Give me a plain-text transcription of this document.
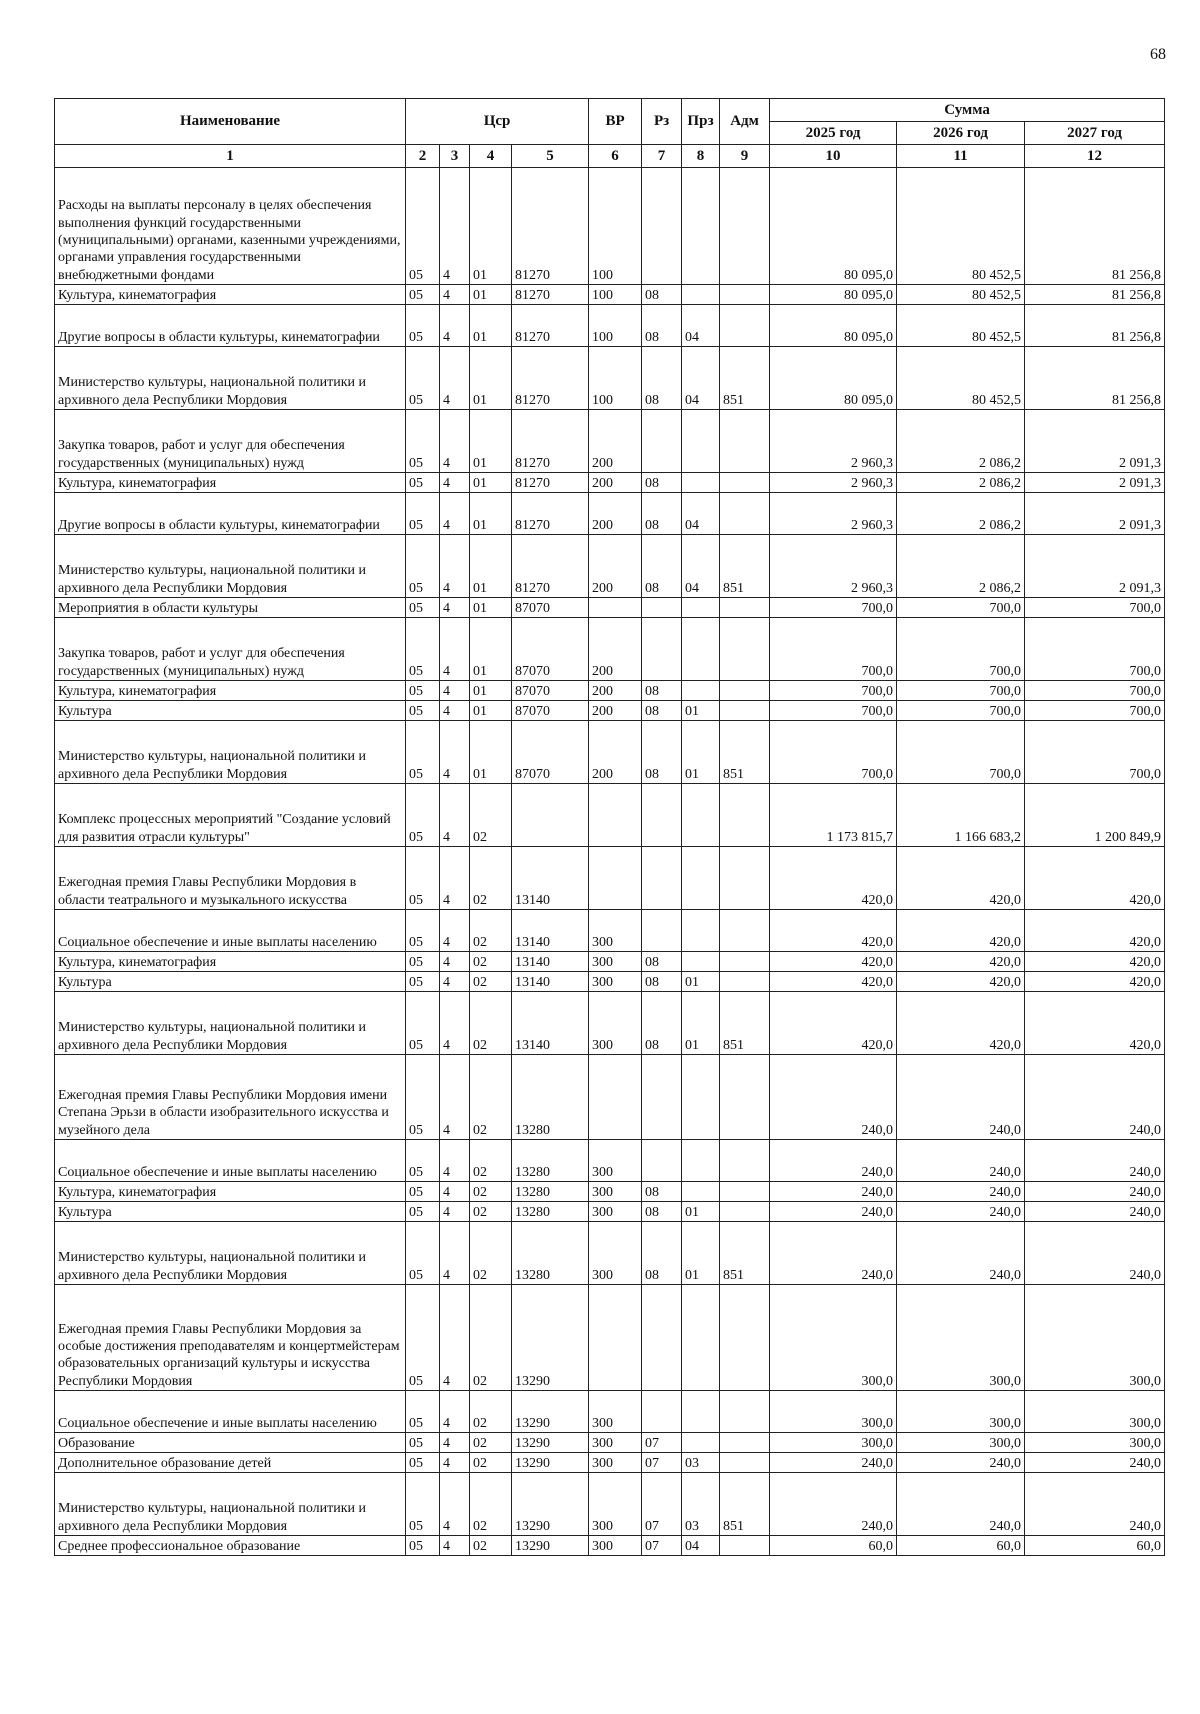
68
Наименование	Цср				ВР	Рз	Прз	Адм	Сумма		
									2025 год	2026 год	2027 год
1	2	3	4	5	6	7	8	9	10	11	12
Расходы на выплаты персоналу в целях обеспечения выполнения функций государственными (муниципальными) органами, казенными учреждениями, органами управления государственными внебюджетными фондами	05	4	01	81270	100				80 095,0	80 452,5	81 256,8
Культура, кинематография	05	4	01	81270	100	08			80 095,0	80 452,5	81 256,8
Другие вопросы в области культуры, кинематографии	05	4	01	81270	100	08	04		80 095,0	80 452,5	81 256,8
Министерство культуры, национальной политики и архивного дела Республики Мордовия	05	4	01	81270	100	08	04	851	80 095,0	80 452,5	81 256,8
Закупка товаров, работ и услуг для обеспечения государственных (муниципальных) нужд	05	4	01	81270	200				2 960,3	2 086,2	2 091,3
Культура, кинематография	05	4	01	81270	200	08			2 960,3	2 086,2	2 091,3
Другие вопросы в области культуры, кинематографии	05	4	01	81270	200	08	04		2 960,3	2 086,2	2 091,3
Министерство культуры, национальной политики и архивного дела Республики Мордовия	05	4	01	81270	200	08	04	851	2 960,3	2 086,2	2 091,3
Мероприятия в области культуры	05	4	01	87070					700,0	700,0	700,0
Закупка товаров, работ и услуг для обеспечения государственных (муниципальных) нужд	05	4	01	87070	200				700,0	700,0	700,0
Культура, кинематография	05	4	01	87070	200	08			700,0	700,0	700,0
Культура	05	4	01	87070	200	08	01		700,0	700,0	700,0
Министерство культуры, национальной политики и архивного дела Республики Мордовия	05	4	01	87070	200	08	01	851	700,0	700,0	700,0
Комплекс процессных мероприятий "Создание условий для развития отрасли культуры"	05	4	02						1 173 815,7	1 166 683,2	1 200 849,9
Ежегодная премия Главы Республики Мордовия в области театрального и музыкального искусства	05	4	02	13140					420,0	420,0	420,0
Социальное обеспечение и иные выплаты населению	05	4	02	13140	300				420,0	420,0	420,0
Культура, кинематография	05	4	02	13140	300	08			420,0	420,0	420,0
Культура	05	4	02	13140	300	08	01		420,0	420,0	420,0
Министерство культуры, национальной политики и архивного дела Республики Мордовия	05	4	02	13140	300	08	01	851	420,0	420,0	420,0
Ежегодная премия Главы Республики Мордовия имени Степана Эрьзи в области изобразительного искусства и музейного дела	05	4	02	13280					240,0	240,0	240,0
Социальное обеспечение и иные выплаты населению	05	4	02	13280	300				240,0	240,0	240,0
Культура, кинематография	05	4	02	13280	300	08			240,0	240,0	240,0
Культура	05	4	02	13280	300	08	01		240,0	240,0	240,0
Министерство культуры, национальной политики и архивного дела Республики Мордовия	05	4	02	13280	300	08	01	851	240,0	240,0	240,0
Ежегодная премия Главы Республики Мордовия за особые достижения преподавателям и концертмейстерам образовательных организаций культуры и искусства Республики Мордовия	05	4	02	13290					300,0	300,0	300,0
Социальное обеспечение и иные выплаты населению	05	4	02	13290	300				300,0	300,0	300,0
Образование	05	4	02	13290	300	07			300,0	300,0	300,0
Дополнительное образование детей	05	4	02	13290	300	07	03		240,0	240,0	240,0
Министерство культуры, национальной политики и архивного дела Республики Мордовия	05	4	02	13290	300	07	03	851	240,0	240,0	240,0
Среднее профессиональное образование	05	4	02	13290	300	07	04		60,0	60,0	60,0
